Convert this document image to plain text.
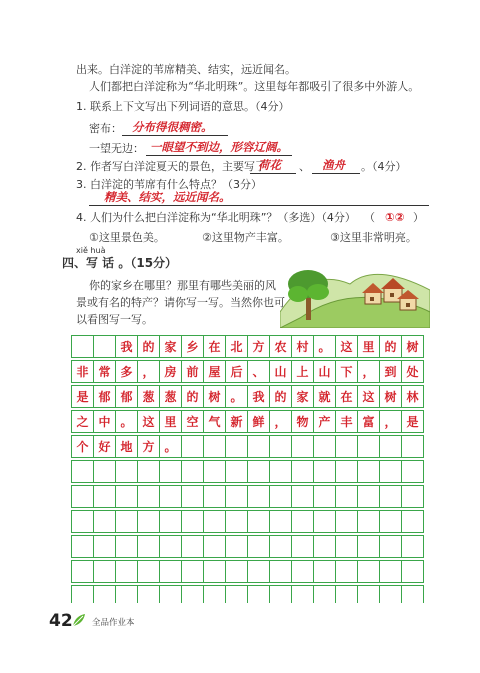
出来。白洋淀的苇席精美、结实，远近闻名。
人们都把白洋淀称为“华北明珠”。这里每年都吸引了很多中外游人。
1. 联系上下文写出下列词语的意思。（4分）
密布： 分布得很稠密。
一望无边： 一眼望不到边，形容辽阔。
2. 作者写白洋淀夏天的景色，主要写了
荷花 、 渔舟 。（4分）
3. 白洋淀的苇席有什么特点？（3分）
精美、结实，远近闻名。
4. 人们为什么把白洋淀称为“华北明珠”？（多选）（4分） （ ①② ）
①这里景色美。	②这里物产丰富。	③这里非常明亮。
xiě huà
四、写 话 。（15分）
你的家乡在哪里？那里有哪些美丽的风
景或有名的特产？请你写一写。当然你也可
以看图写一写。
我 的 家 乡 在 北 方 农 村 。 这 里 的 树
非 常 多 ， 房 前 屋 后 、 山 上 山 下 ， 到 处
是 郁 郁 葱 葱 的 树 。 我 的 家 就 在 这 树 林
之 中 。 这 里 空 气 新 鲜 ， 物 产 丰 富 ， 是
个 好 地 方 。
42 全品作业本
